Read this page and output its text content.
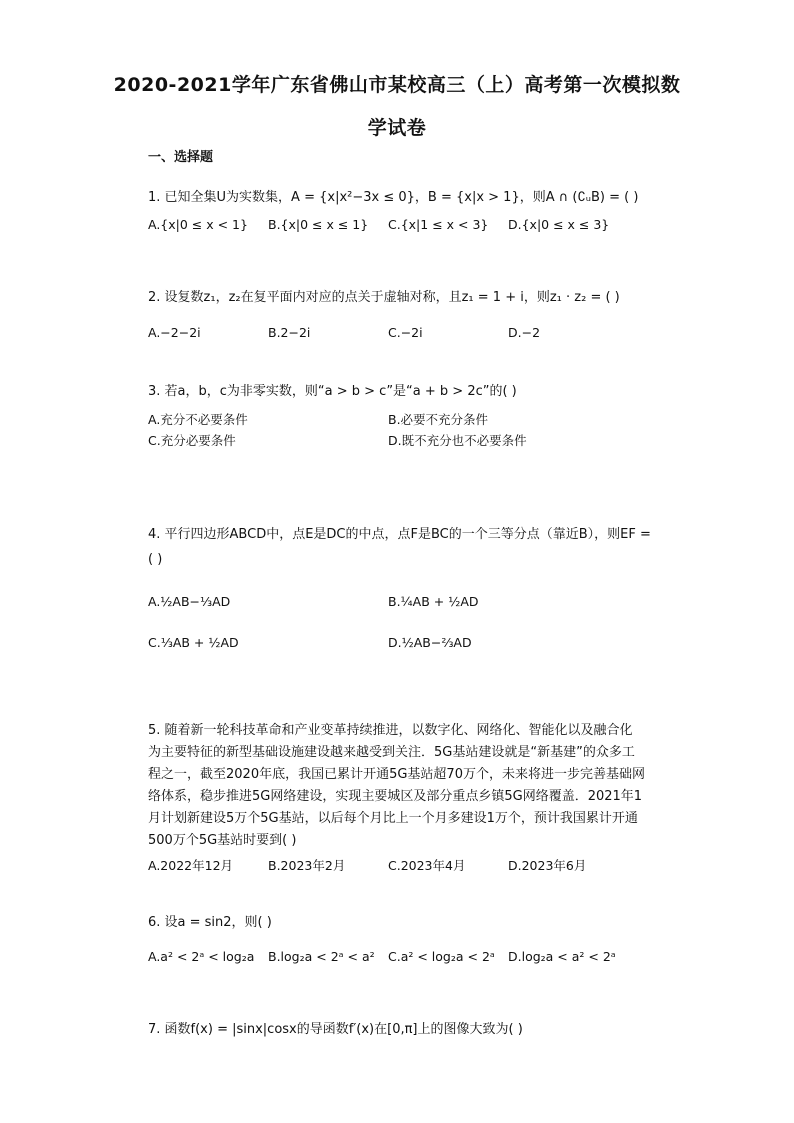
2020-2021学年广东省佛山市某校高三（上）高考第一次模拟数
学试卷
一、选择题
1. 已知全集U为实数集，A = {x|x²−3x ≤ 0}，B = {x|x > 1}，则A ∩ (∁ᵤB) = ( )
A.{x|0 ≤ x < 1} B.{x|0 ≤ x ≤ 1} C.{x|1 ≤ x < 3} D.{x|0 ≤ x ≤ 3}
2. 设复数z₁，z₂在复平面内对应的点关于虚轴对称，且z₁ = 1 + i，则z₁ · z₂ = ( )
A.−2−2i	B.2−2i	C.−2i	D.−2
3. 若a，b，c为非零实数，则“a > b > c”是“a + b > 2c”的( )
A.充分不必要条件	B.必要不充分条件
C.充分必要条件	D.既不充分也不必要条件
4. 平行四边形ABCD中，点E是DC的中点，点F是BC的一个三等分点（靠近B），则EF =
( )
A.½AB−⅓AD	B.¼AB + ½AD
C.⅓AB + ½AD	D.½AB−⅔AD
5. 随着新一轮科技革命和产业变革持续推进，以数字化、网络化、智能化以及融合化
为主要特征的新型基础设施建设越来越受到关注．5G基站建设就是“新基建”的众多工
程之一，截至2020年底，我国已累计开通5G基站超70万个，未来将进一步完善基础网
络体系，稳步推进5G网络建设，实现主要城区及部分重点乡镇5G网络覆盖．2021年1
月计划新建设5万个5G基站，以后每个月比上一个月多建设1万个，预计我国累计开通
500万个5G基站时要到( )
A.2022年12月	B.2023年2月	C.2023年4月	D.2023年6月
6. 设a = sin2，则( )
A.a² < 2ᵃ < log₂a B.log₂a < 2ᵃ < a² C.a² < log₂a < 2ᵃ D.log₂a < a² < 2ᵃ
7. 函数f(x) = |sinx|cosx的导函数f′(x)在[0,π]上的图像大致为( )
